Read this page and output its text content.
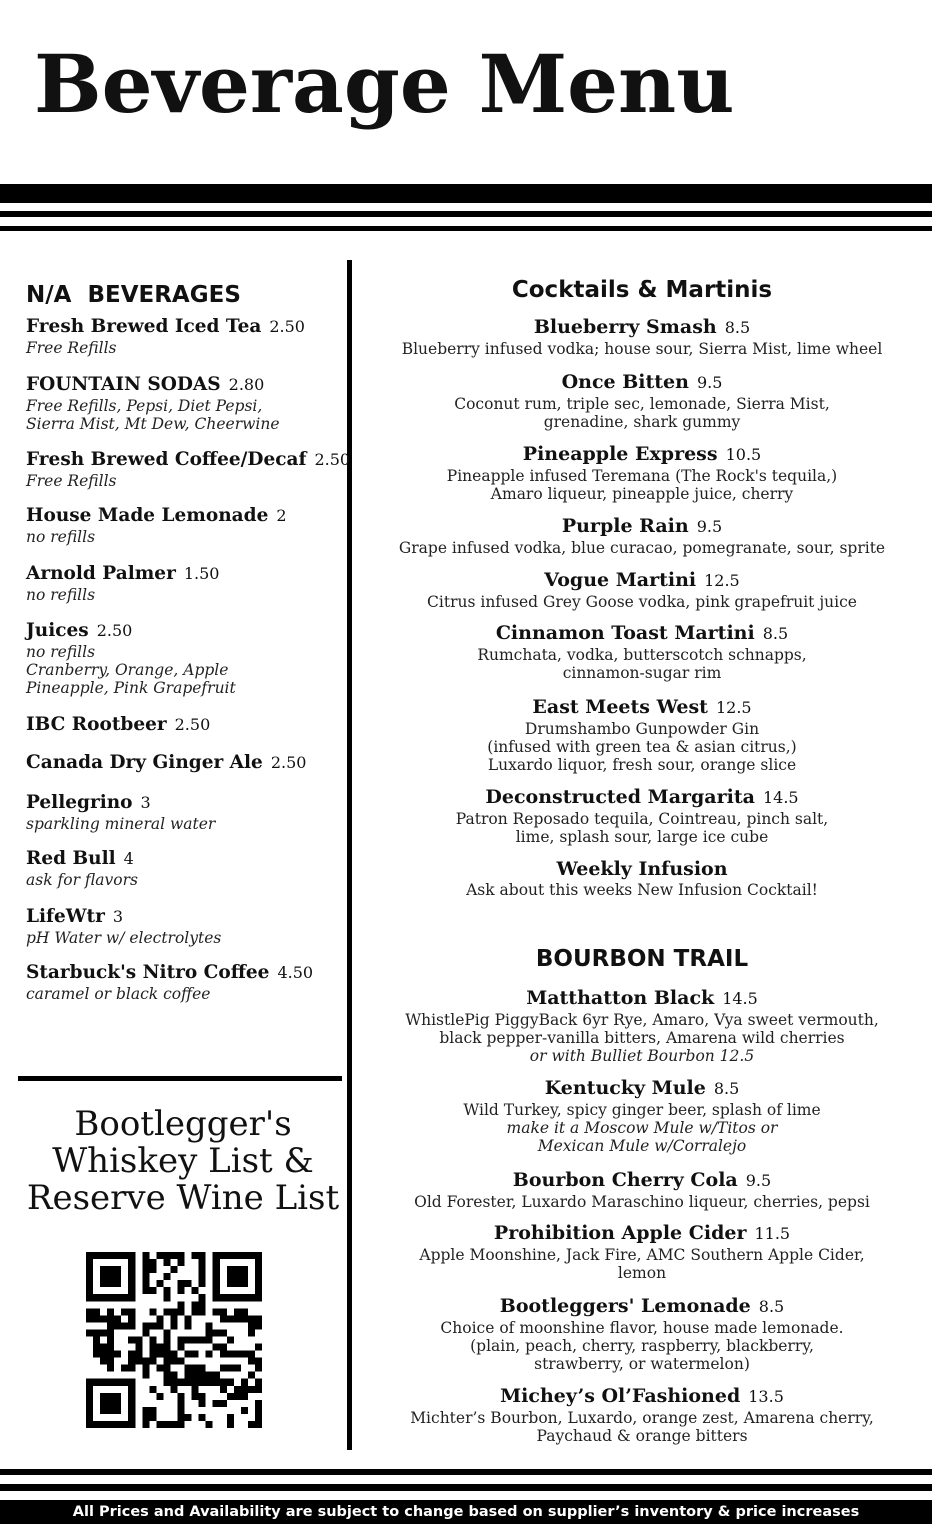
Beverage Menu
N/A  BEVERAGES
Fresh Brewed Iced Tea 2.50
Free Refills
FOUNTAIN SODAS 2.80
Free Refills, Pepsi, Diet Pepsi,
Sierra Mist, Mt Dew, Cheerwine
Fresh Brewed Coffee/Decaf 2.50
Free Refills
House Made Lemonade 2
no refills
Arnold Palmer 1.50
no refills
Juices 2.50
no refills
Cranberry, Orange, Apple
Pineapple, Pink Grapefruit
IBC Rootbeer 2.50
Canada Dry Ginger Ale 2.50
Pellegrino 3
sparkling mineral water
Red Bull 4
ask for flavors
LifeWtr 3
pH Water w/ electrolytes
Starbuck's Nitro Coffee 4.50
caramel or black coffee
Cocktails & Martinis
Blueberry Smash 8.5
Blueberry infused vodka; house sour, Sierra Mist, lime wheel
Once Bitten 9.5
Coconut rum, triple sec, lemonade, Sierra Mist,
grenadine, shark gummy
Pineapple Express 10.5
Pineapple infused Teremana (The Rock's tequila,)
Amaro liqueur, pineapple juice, cherry
Purple Rain 9.5
Grape infused vodka, blue curacao, pomegranate, sour, sprite
Vogue Martini 12.5
Citrus infused Grey Goose vodka, pink grapefruit juice
Cinnamon Toast Martini 8.5
Rumchata, vodka, butterscotch schnapps,
cinnamon-sugar rim
East Meets West 12.5
Drumshambo Gunpowder Gin
(infused with green tea & asian citrus,)
Luxardo liquor, fresh sour, orange slice
Deconstructed Margarita 14.5
Patron Reposado tequila, Cointreau, pinch salt,
lime, splash sour, large ice cube
Weekly Infusion
Ask about this weeks New Infusion Cocktail!
BOURBON TRAIL
Matthatton Black 14.5
WhistlePig PiggyBack 6yr Rye, Amaro, Vya sweet vermouth,
black pepper-vanilla bitters, Amarena wild cherries
or with Bulliet Bourbon 12.5
Kentucky Mule 8.5
Wild Turkey, spicy ginger beer, splash of lime
make it a Moscow Mule w/Titos or
Mexican Mule w/Corralejo
Bourbon Cherry Cola 9.5
Old Forester, Luxardo Maraschino liqueur, cherries, pepsi
Prohibition Apple Cider 11.5
Apple Moonshine, Jack Fire, AMC Southern Apple Cider,
lemon
Bootleggers' Lemonade 8.5
Choice of moonshine flavor, house made lemonade.
(plain, peach, cherry, raspberry, blackberry,
strawberry, or watermelon)
Michey’s Ol’Fashioned 13.5
Michter’s Bourbon, Luxardo, orange zest, Amarena cherry,
Paychaud & orange bitters
Bootlegger's
Whiskey List &
Reserve Wine List
All Prices and Availability are subject to change based on supplier’s inventory & price increases
